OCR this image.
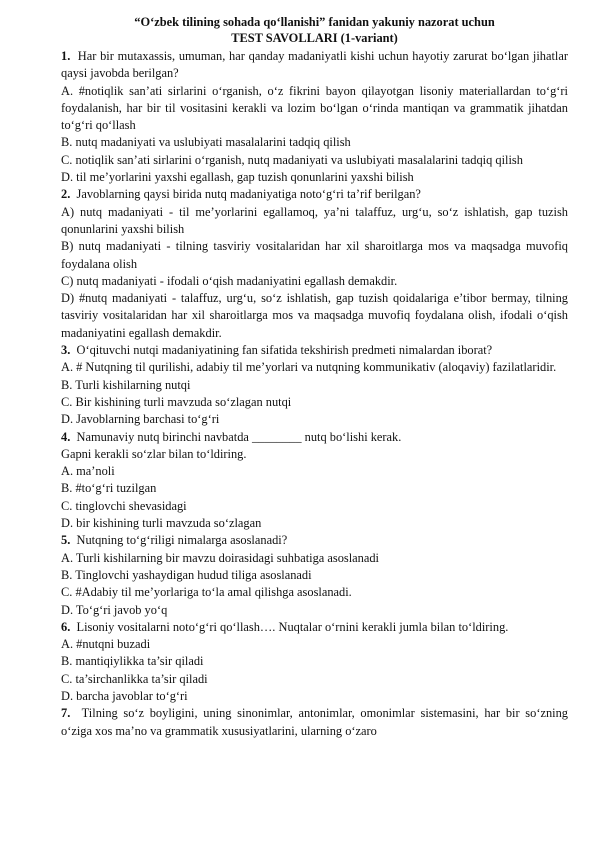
“O‘zbek tilining sohada qo‘llanishi” fanidan yakuniy nazorat uchun
TEST SAVOLLARI (1-variant)

1. Har bir mutaxassis, umuman, har qanday madaniyatli kishi uchun hayotiy zarurat bo‘lgan jihatlar qaysi javobda berilgan?

A. #notiqlik san’ati sirlarini o‘rganish, o‘z fikrini bayon qilayotgan lisoniy materiallardan to‘g‘ri foydalanish, har bir til vositasini kerakli va lozim bo‘lgan o‘rinda mantiqan va grammatik jihatdan to‘g‘ri qo‘llash

B. nutq madaniyati va uslubiyati masalalarini tadqiq qilish

C. notiqlik san’ati sirlarini o‘rganish, nutq madaniyati va uslubiyati masalalarini tadqiq qilish

D. til me’yorlarini yaxshi egallash, gap tuzish qonunlarini yaxshi bilish

2. Javoblarning qaysi birida nutq madaniyatiga noto‘g‘ri ta’rif berilgan?

A) nutq madaniyati - til me’yorlarini egallamoq, ya’ni talaffuz, urg‘u, so‘z ishlatish, gap tuzish qonunlarini yaxshi bilish

B) nutq madaniyati - tilning tasviriy vositalaridan har xil sharoitlarga mos va maqsadga muvofiq foydalana olish

C) nutq madaniyati - ifodali o‘qish madaniyatini egallash demakdir.

D) #nutq madaniyati - talaffuz, urg‘u, so‘z ishlatish, gap tuzish qoidalariga e’tibor bermay, tilning tasviriy vositalaridan har xil sharoitlarga mos va maqsadga muvofiq foydalana olish, ifodali o‘qish madaniyatini egallash demakdir.

3. O‘qituvchi nutqi madaniyatining fan sifatida tekshirish predmeti nimalardan iborat?

A. # Nutqning til qurilishi, adabiy til me’yorlari va nutqning kommunikativ (aloqaviy) fazilatlaridir.

B. Turli kishilarning nutqi

C. Bir kishining turli mavzuda so‘zlagan nutqi

D. Javoblarning barchasi to‘g‘ri

4. Namunaviy nutq birinchi navbatda ________ nutq bo‘lishi kerak.

Gapni kerakli so‘zlar bilan to‘ldiring.

A. ma’noli

B. #to‘g‘ri tuzilgan

C. tinglovchi shevasidagi

D. bir kishining turli mavzuda so‘zlagan

5. Nutqning to‘g‘riligi nimalarga asoslanadi?

A. Turli kishilarning bir mavzu doirasidagi suhbatiga asoslanadi

B. Tinglovchi yashaydigan hudud tiliga asoslanadi

C. #Adabiy til me’yorlariga to‘la amal qilishga asoslanadi.

D. To‘g‘ri javob yo‘q

6. Lisoniy vositalarni noto‘g‘ri qo‘llash…. Nuqtalar o‘rnini kerakli jumla bilan to‘ldiring.

A. #nutqni buzadi

B. mantiqiylikka ta’sir qiladi

C. ta’sirchanlikka ta’sir qiladi

D. barcha javoblar to‘g‘ri

7. Tilning so‘z boyligini, uning sinonimlar, antonimlar, omonimlar sistemasini, har bir so‘zning o‘ziga xos ma’no va grammatik xususiyatlarini, ularning o‘zaro
